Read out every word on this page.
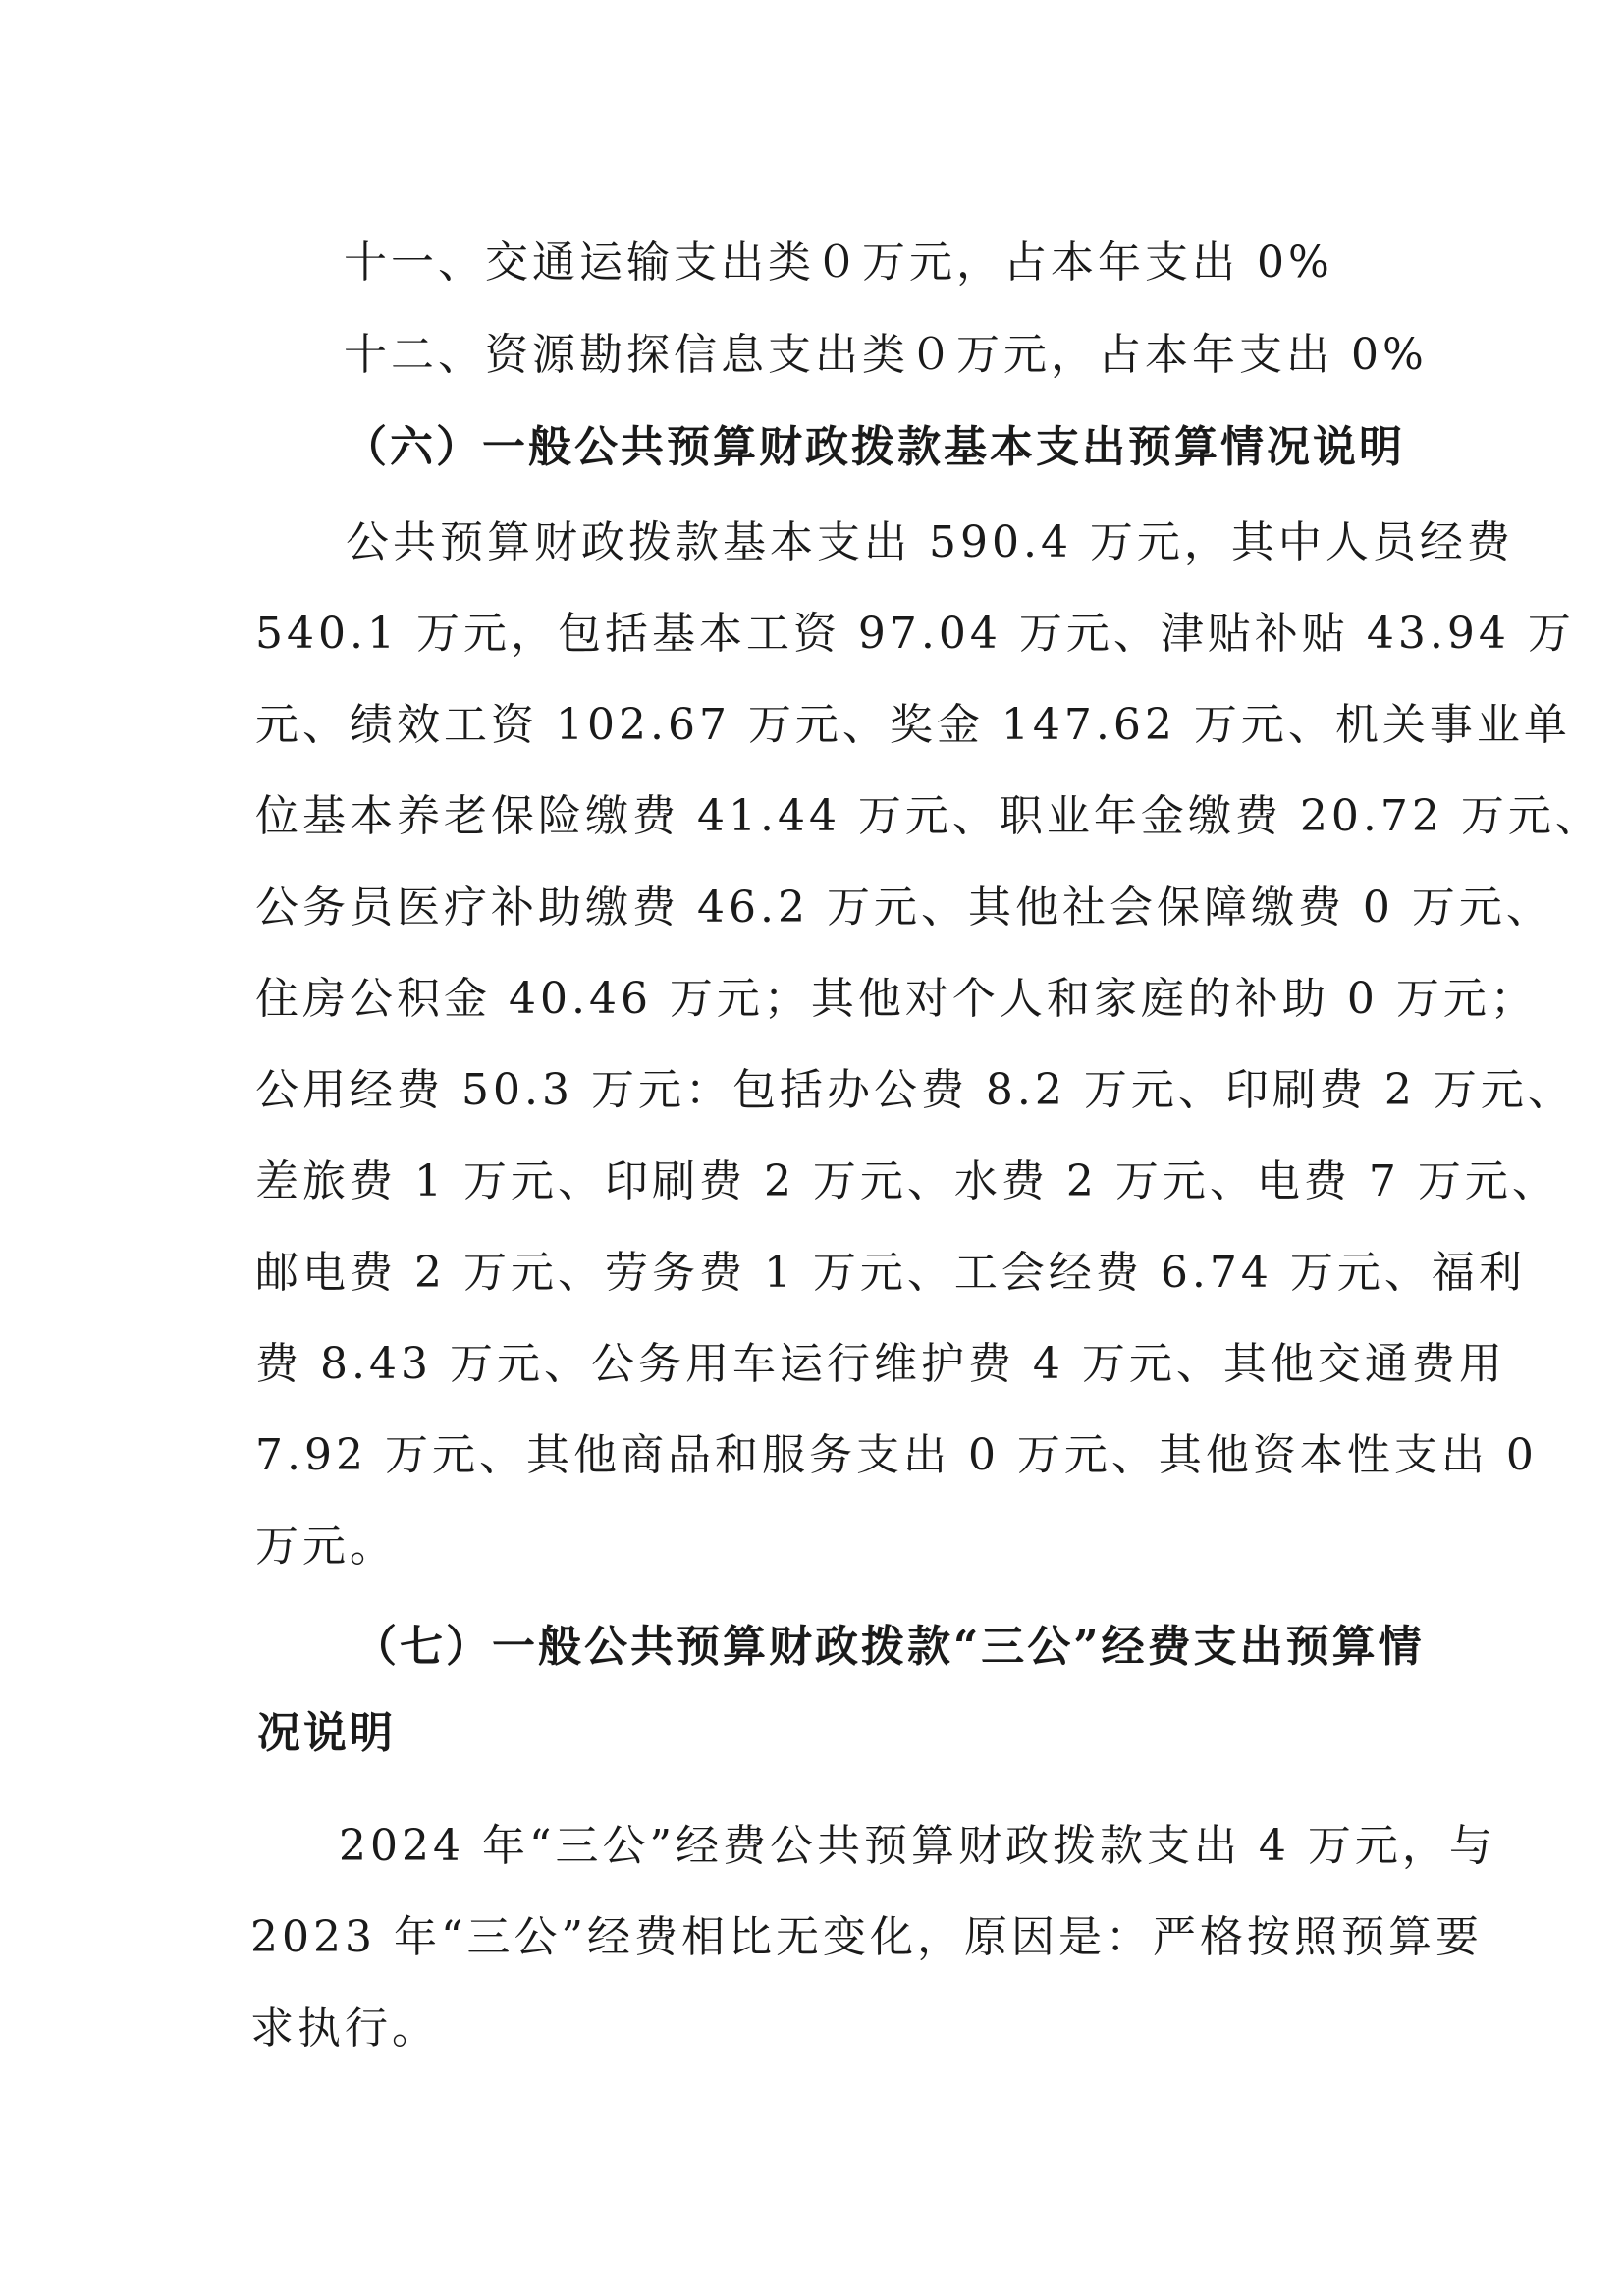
十一、交通运输支出类０万元，占本年支出 0%
十二、资源勘探信息支出类０万元，占本年支出 0%
（六）一般公共预算财政拨款基本支出预算情况说明
公共预算财政拨款基本支出 590.4 万元，其中人员经费
540.1 万元，包括基本工资 97.04 万元、津贴补贴 43.94 万
元、绩效工资 102.67 万元、奖金 147.62 万元、机关事业单
位基本养老保险缴费 41.44 万元、职业年金缴费 20.72 万元、
公务员医疗补助缴费 46.2 万元、其他社会保障缴费 0 万元、
住房公积金 40.46 万元；其他对个人和家庭的补助 0 万元；
公用经费 50.3 万元：包括办公费 8.2 万元、印刷费 2 万元、
差旅费 1 万元、印刷费 2 万元、水费 2 万元、电费 7 万元、
邮电费 2 万元、劳务费 1 万元、工会经费 6.74 万元、福利
费 8.43 万元、公务用车运行维护费 4 万元、其他交通费用
7.92 万元、其他商品和服务支出 0 万元、其他资本性支出 0
万元。
（七）一般公共预算财政拨款“三公”经费支出预算情
况说明
2024 年“三公”经费公共预算财政拨款支出 4 万元，与
2023 年“三公”经费相比无变化，原因是：严格按照预算要
求执行。
